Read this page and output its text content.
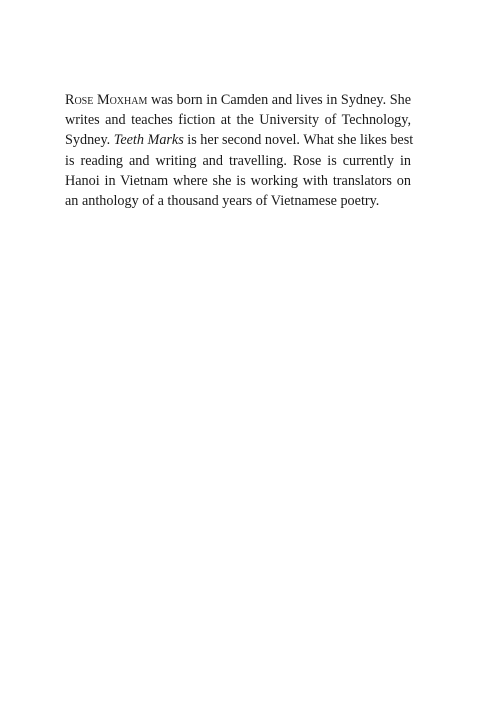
Rose Moxham was born in Camden and lives in Sydney. She
writes and teaches fiction at the University of Technology,
Sydney. Teeth Marks is her second novel. What she likes best
is reading and writing and travelling. Rose is currently in
Hanoi in Vietnam where she is working with translators on
an anthology of a thousand years of Vietnamese poetry.
